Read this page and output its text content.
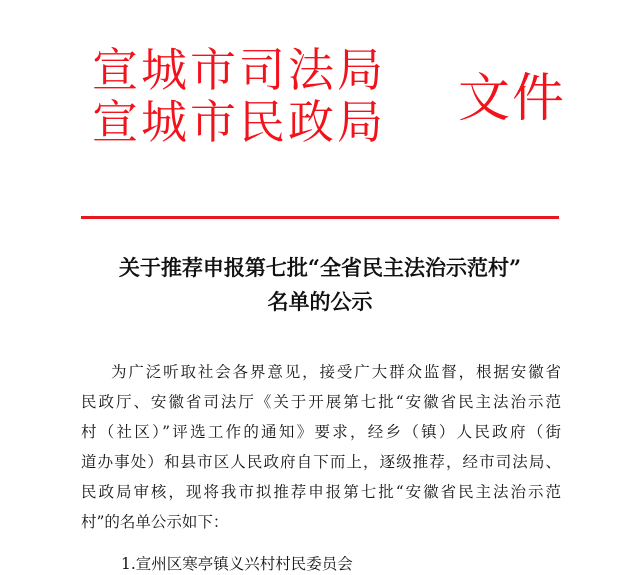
宣城市司法局
宣城市民政局 文件
关于推荐申报第七批“全省民主法治示范村”
名单的公示
为广泛听取社会各界意见，接受广大群众监督，根据安徽省
民政厅、安徽省司法厅《关于开展第七批“安徽省民主法治示范
村（社区）”评选工作的通知》要求，经乡（镇）人民政府（街
道办事处）和县市区人民政府自下而上，逐级推荐，经市司法局、
民政局审核，现将我市拟推荐申报第七批“安徽省民主法治示范
村”的名单公示如下：
1.宣州区寒亭镇义兴村村民委员会
